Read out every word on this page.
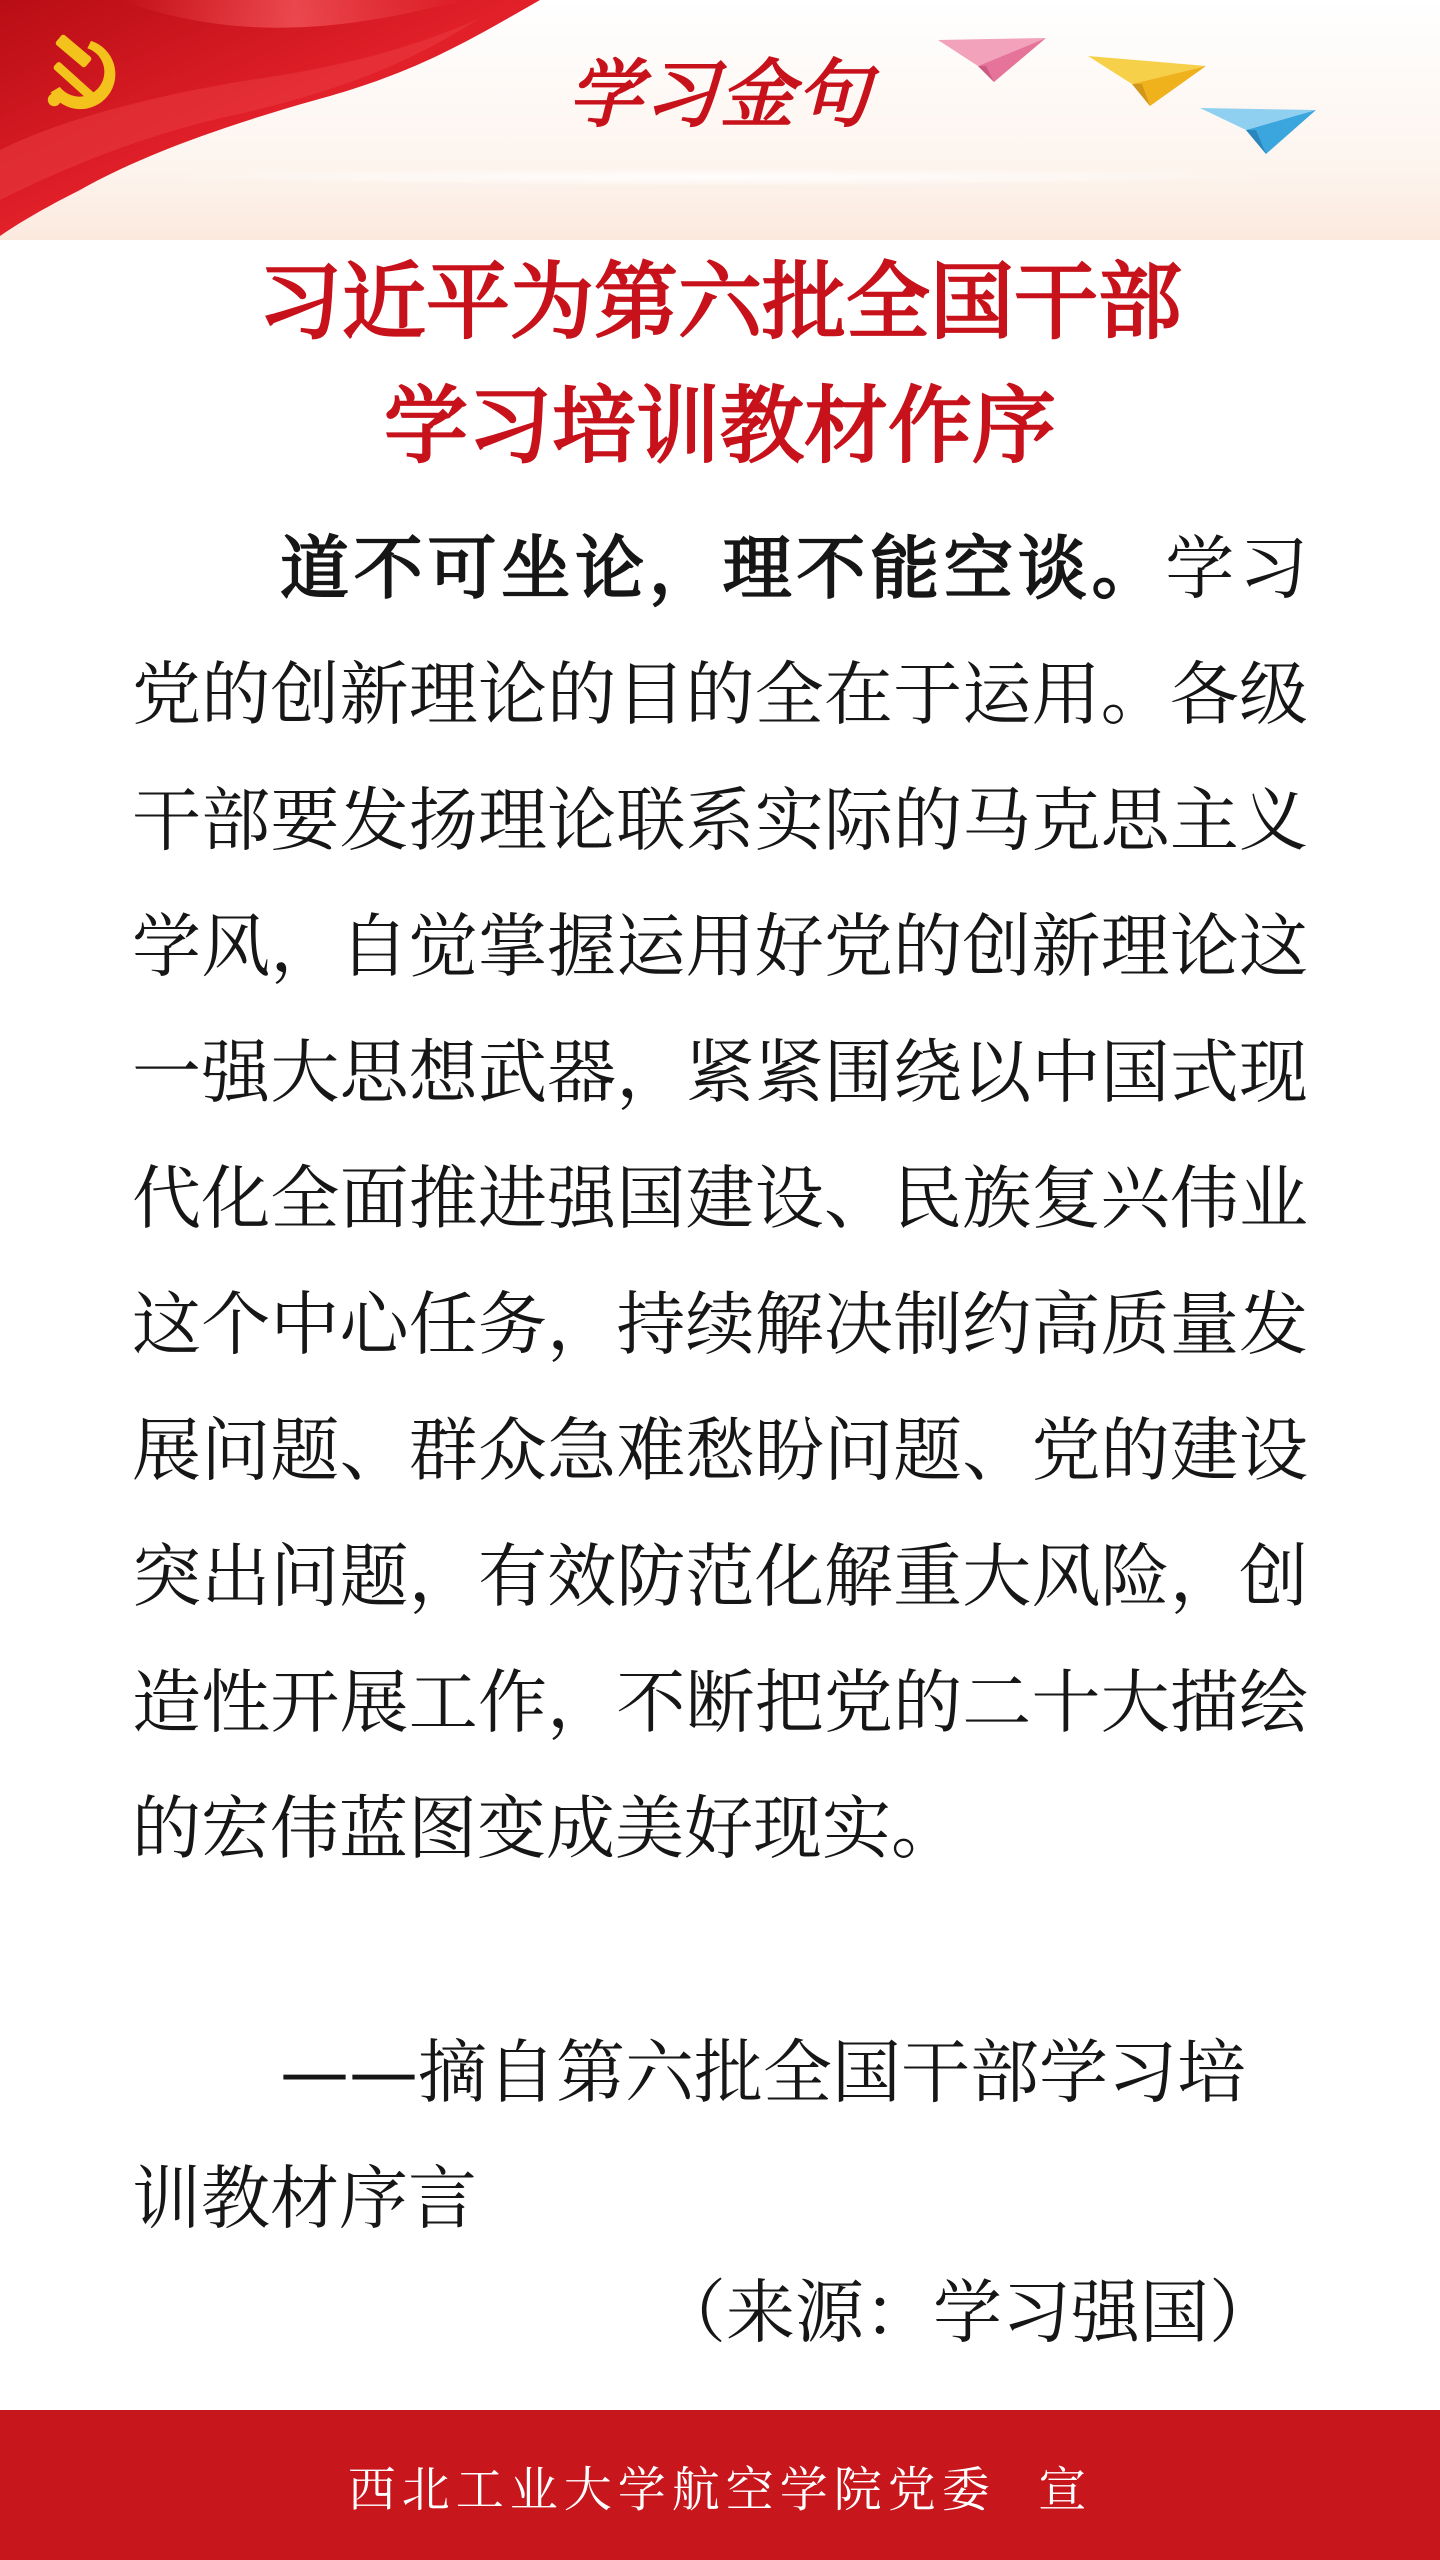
学习金句
习近平为第六批全国干部
学习培训教材作序
道不可坐论，理不能空谈。学习党的创新理论的目的全在于运用。各级干部要发扬理论联系实际的马克思主义学风，自觉掌握运用好党的创新理论这一强大思想武器，紧紧围绕以中国式现代化全面推进强国建设、民族复兴伟业这个中心任务，持续解决制约高质量发展问题、群众急难愁盼问题、党的建设突出问题，有效防范化解重大风险，创造性开展工作，不断把党的二十大描绘的宏伟蓝图变成美好现实。
——摘自第六批全国干部学习培训教材序言
（来源：学习强国）
西北工业大学航空学院党委  宣
